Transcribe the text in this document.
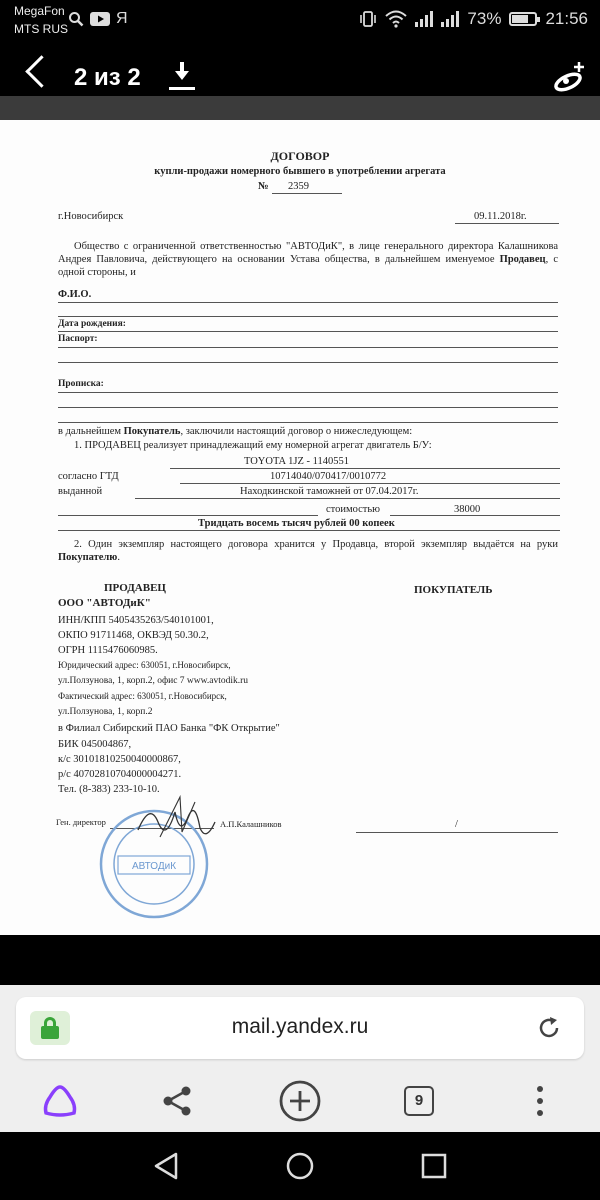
MegaFon
MTS RUS
Я	73%	21:56
2 из 2
ДОГОВОР
купли-продажи номерного бывшего в употреблении агрегата
№ 2359
г.Новосибирск	09.11.2018г.
Общество с ограниченной ответственностью "АВТОДиК", в лице генерального директора Калашникова Андрея Павловича, действующего на основании Устава общества, в дальнейшем именуемое Продавец, с одной стороны, и
Ф.И.О.
Дата рождения:
Паспорт:
Прописка:
в дальнейшем Покупатель, заключили настоящий договор о нижеследующем:
1. ПРОДАВЕЦ реализует принадлежащий ему номерной агрегат двигатель Б/У:
TOYOTA 1JZ - 1140551
согласно ГТД	10714040/070417/0010772
выданной	Находкинской таможней от 07.04.2017г.
стоимостью	38000
Тридцать восемь тысяч рублей 00 копеек
2. Один экземпляр настоящего договора хранится у Продавца, второй экземпляр выдаётся на руки Покупателю.
ПРОДАВЕЦ	ПОКУПАТЕЛЬ
ООО "АВТОДиК"
ИНН/КПП 5405435263/540101001,
ОКПО 91711468, ОКВЭД 50.30.2,
ОГРН 1115476060985.
Юридический адрес: 630051, г.Новосибирск,
ул.Ползунова, 1, корп.2, офис 7 www.avtodik.ru
Фактический адрес: 630051, г.Новосибирск,
ул.Ползунова, 1, корп.2
в Филиал Сибирский ПАО Банка "ФК Открытие"
БИК 045004867,
к/с 30101810250040000867,
р/с 40702810704000004271.
Тел. (8-383) 233-10-10.
Ген. директор	А.П.Калашников	/
АВТОДиК
mail.yandex.ru
9
